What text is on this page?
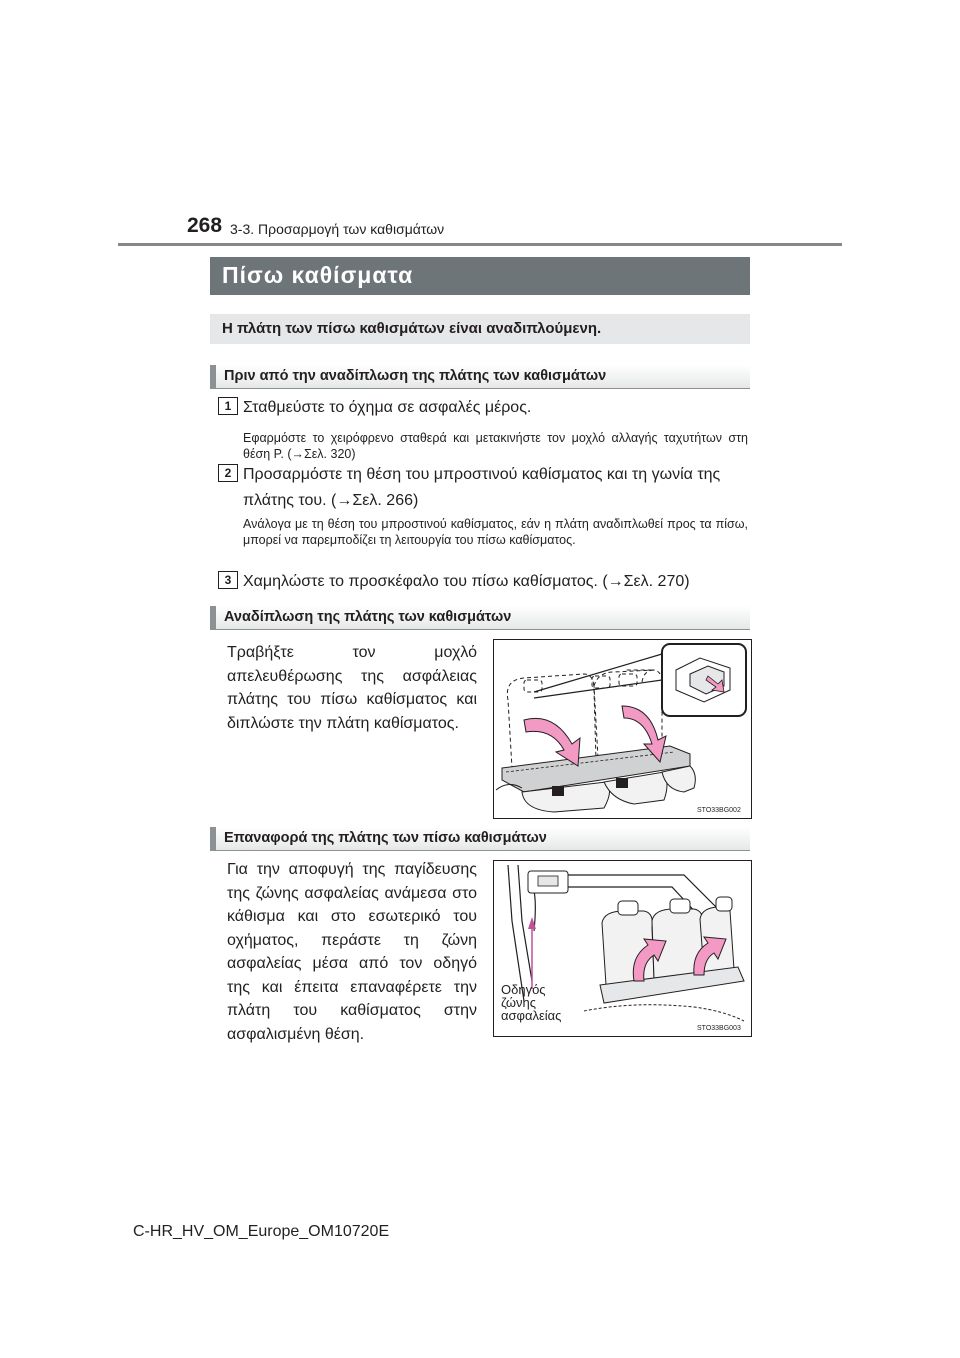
268 3-3. Προσαρμογή των καθισμάτων
Πίσω καθίσματα
Η πλάτη των πίσω καθισμάτων είναι αναδιπλούμενη.
Πριν από την αναδίπλωση της πλάτης των καθισμάτων
1 Σταθμεύστε το όχημα σε ασφαλές μέρος.
Εφαρμόστε το χειρόφρενο σταθερά και μετακινήστε τον μοχλό αλλαγής ταχυτήτων στη θέση P. (→Σελ. 320)
2 Προσαρμόστε τη θέση του μπροστινού καθίσματος και τη γωνία της πλάτης του. (→Σελ. 266)
Ανάλογα με τη θέση του μπροστινού καθίσματος, εάν η πλάτη αναδιπλωθεί προς τα πίσω, μπορεί να παρεμποδίζει τη λειτουργία του πίσω καθίσματος.
3 Χαμηλώστε το προσκέφαλο του πίσω καθίσματος. (→Σελ. 270)
Αναδίπλωση της πλάτης των καθισμάτων
Τραβήξτε τον μοχλό απελευθέρωσης της ασφάλειας πλάτης του πίσω καθίσματος και διπλώστε την πλάτη καθίσματος.
STO33BG002
Επαναφορά της πλάτης των πίσω καθισμάτων
Για την αποφυγή της παγίδευσης της ζώνης ασφαλείας ανάμεσα στο κάθισμα και στο εσωτερικό του οχήματος, περάστε τη ζώνη ασφαλείας μέσα από τον οδηγό της και έπειτα επαναφέρετε την πλάτη του καθίσματος στην ασφαλισμένη θέση.
Οδηγός
ζώνης
ασφαλείας
STO33BG003
C-HR_HV_OM_Europe_OM10720E
